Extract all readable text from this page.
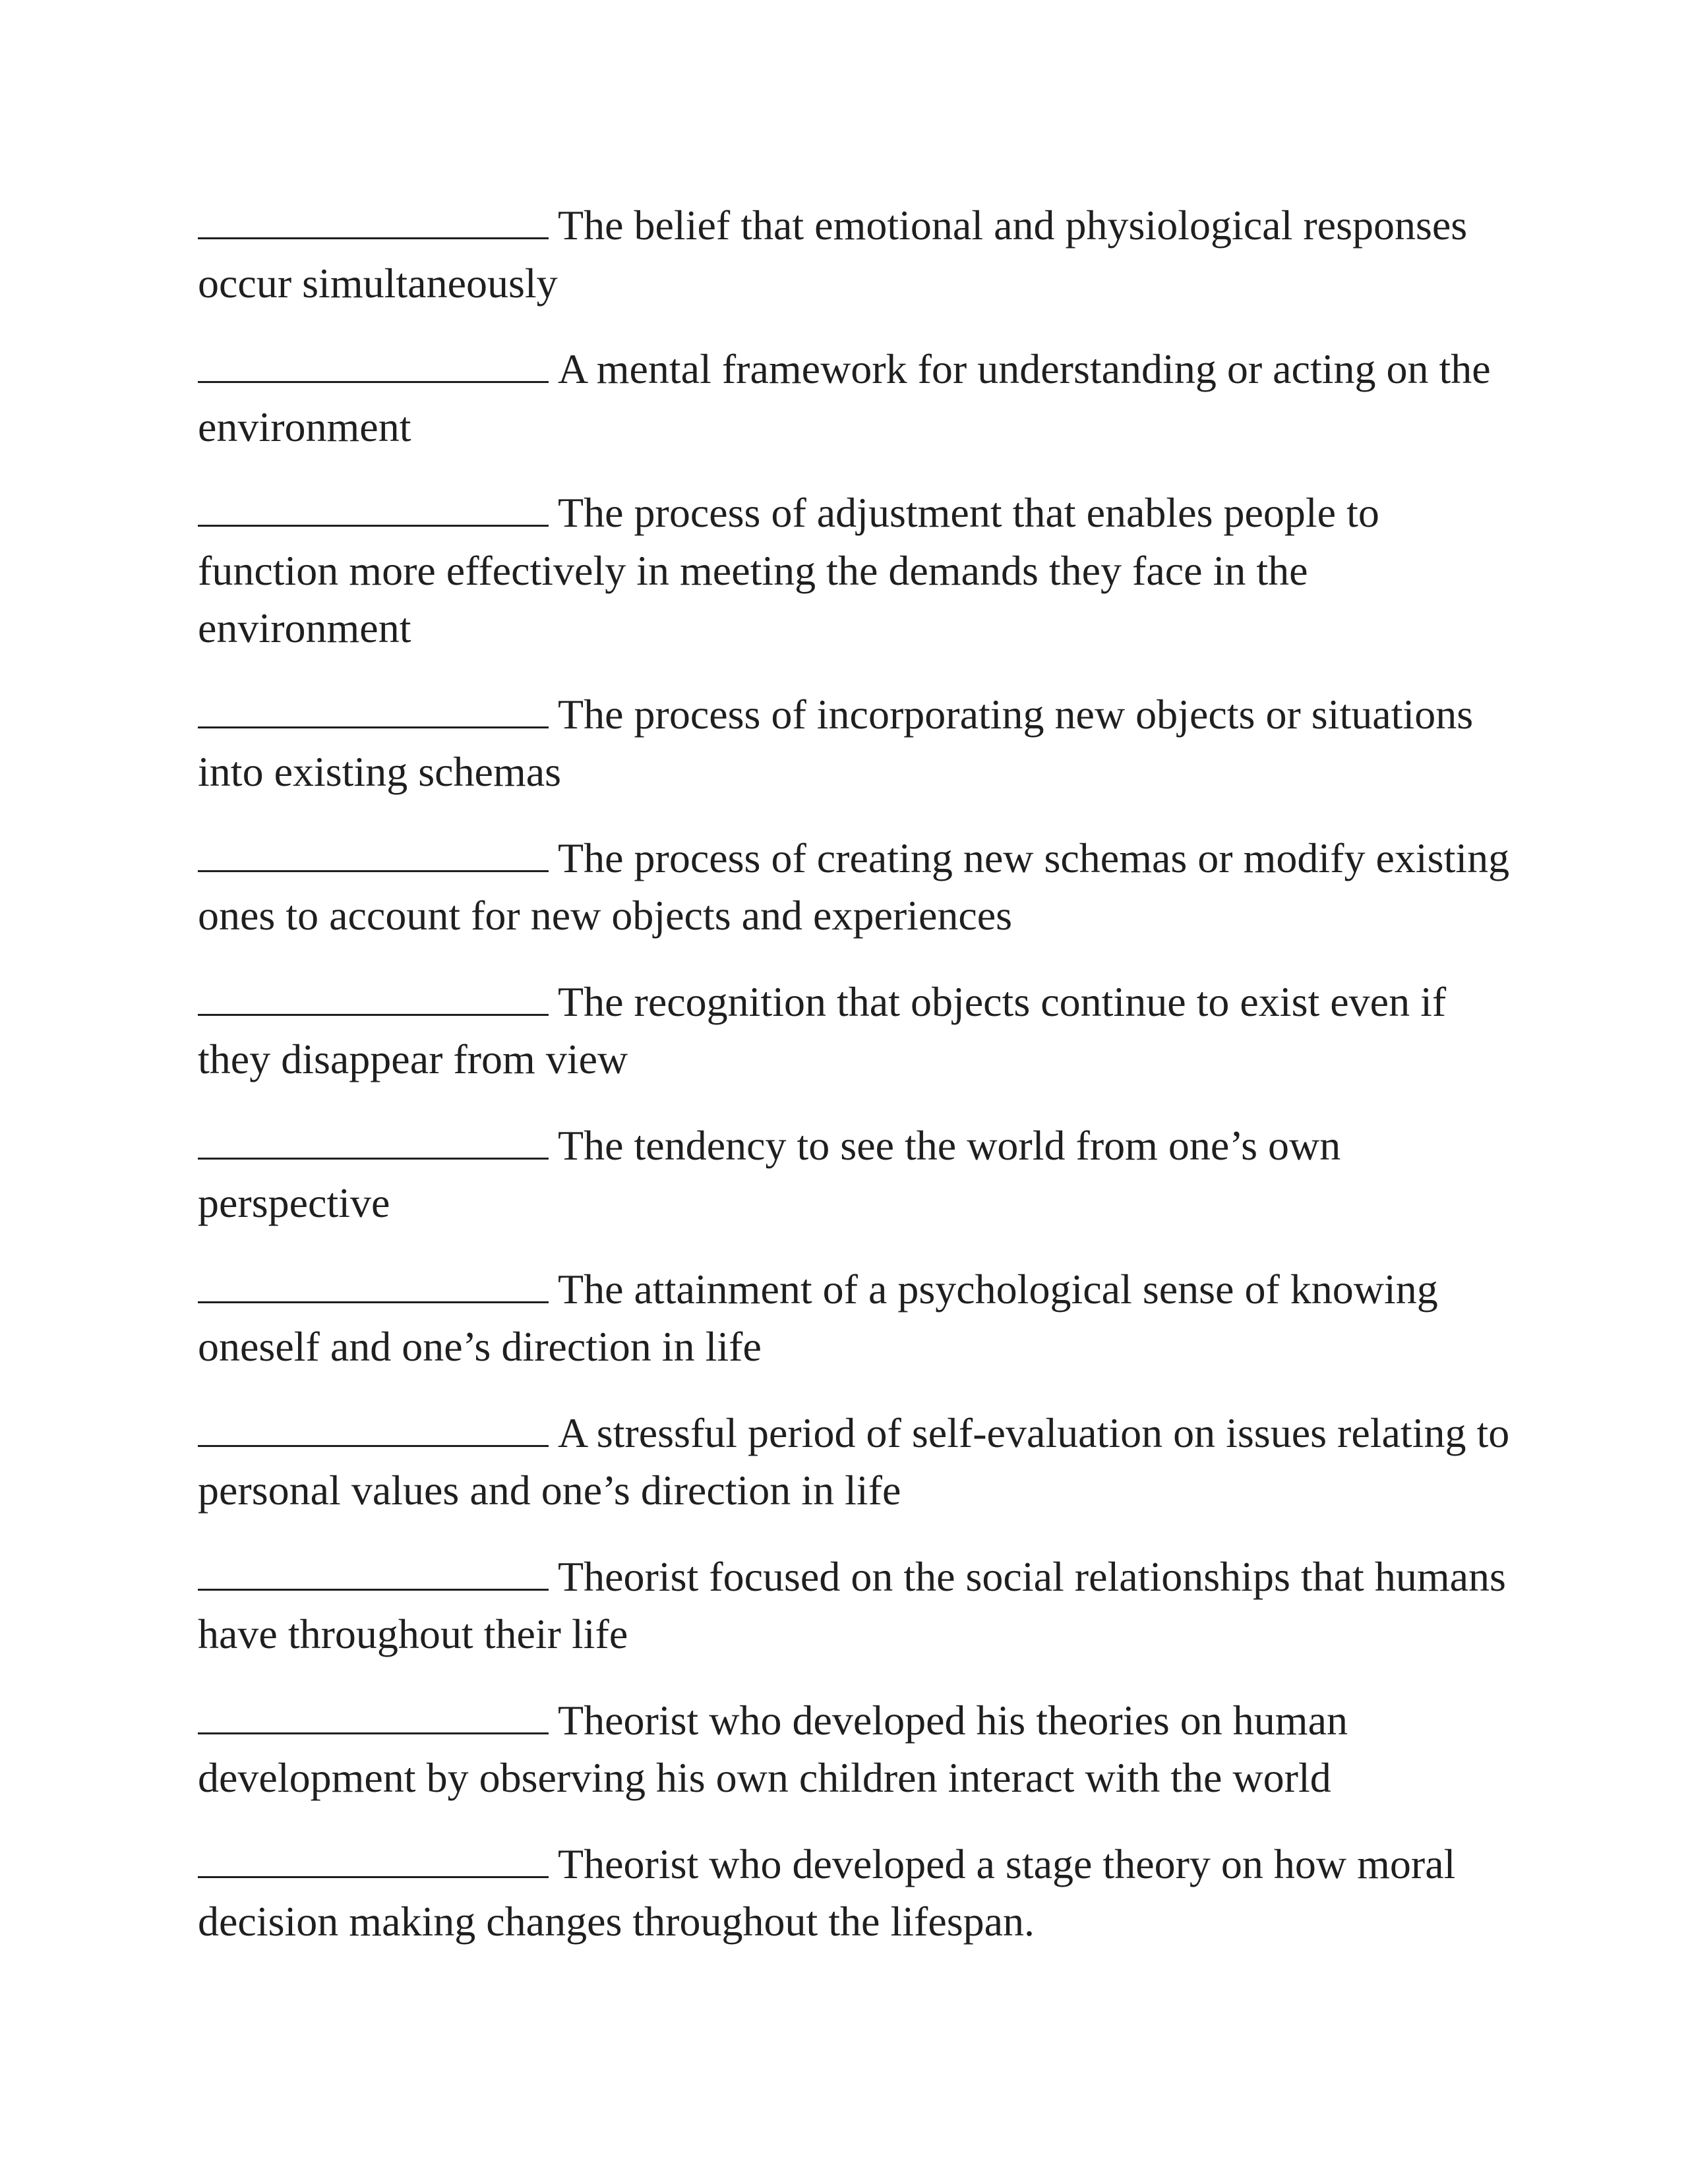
The belief that emotional and physiological responses occur simultaneously
A mental framework for understanding or acting on the environment
The process of adjustment that enables people to function more effectively in meeting the demands they face in the environment
The process of incorporating new objects or situations into existing schemas
The process of creating new schemas or modify existing ones to account for new objects and experiences
The recognition that objects continue to exist even if they disappear from view
The tendency to see the world from one’s own perspective
The attainment of a psychological sense of knowing oneself and one’s direction in life
A stressful period of self-evaluation on issues relating to personal values and one’s direction in life
Theorist focused on the social relationships that humans have throughout their life
Theorist who developed his theories on human development by observing his own children interact with the world
Theorist who developed a stage theory on how moral decision making changes throughout the lifespan.
